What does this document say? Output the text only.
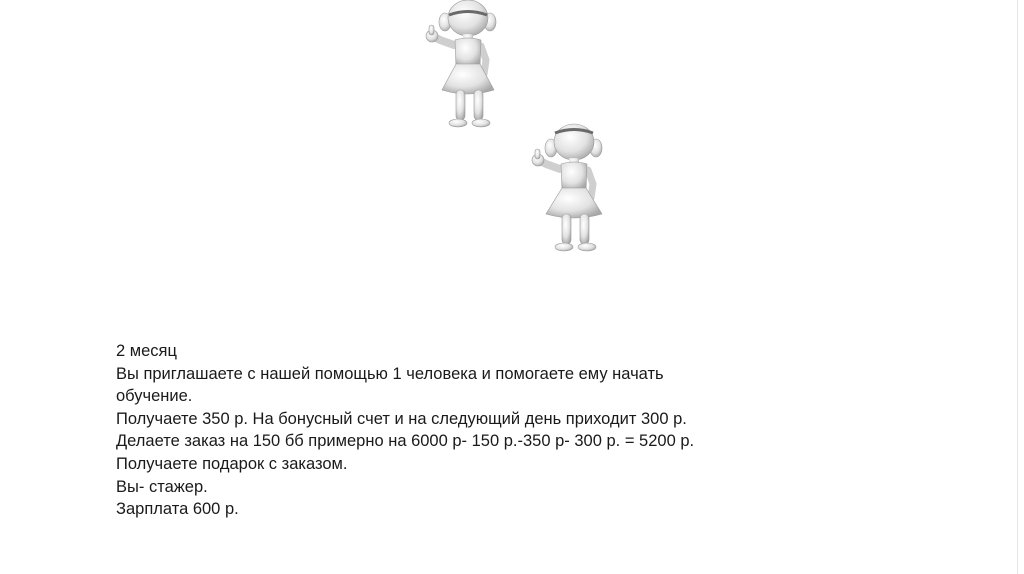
2 месяц

Вы приглашаете с нашей помощью 1 человека и помогаете ему начать обучение.

Получаете 350 р. На бонусный счет и на следующий день приходит 300 р.

Делаете заказ на 150 бб примерно на 6000 р- 150 р.-350 р- 300 р. = 5200 р.

Получаете подарок с заказом.

Вы- стажер.

Зарплата 600 р.
